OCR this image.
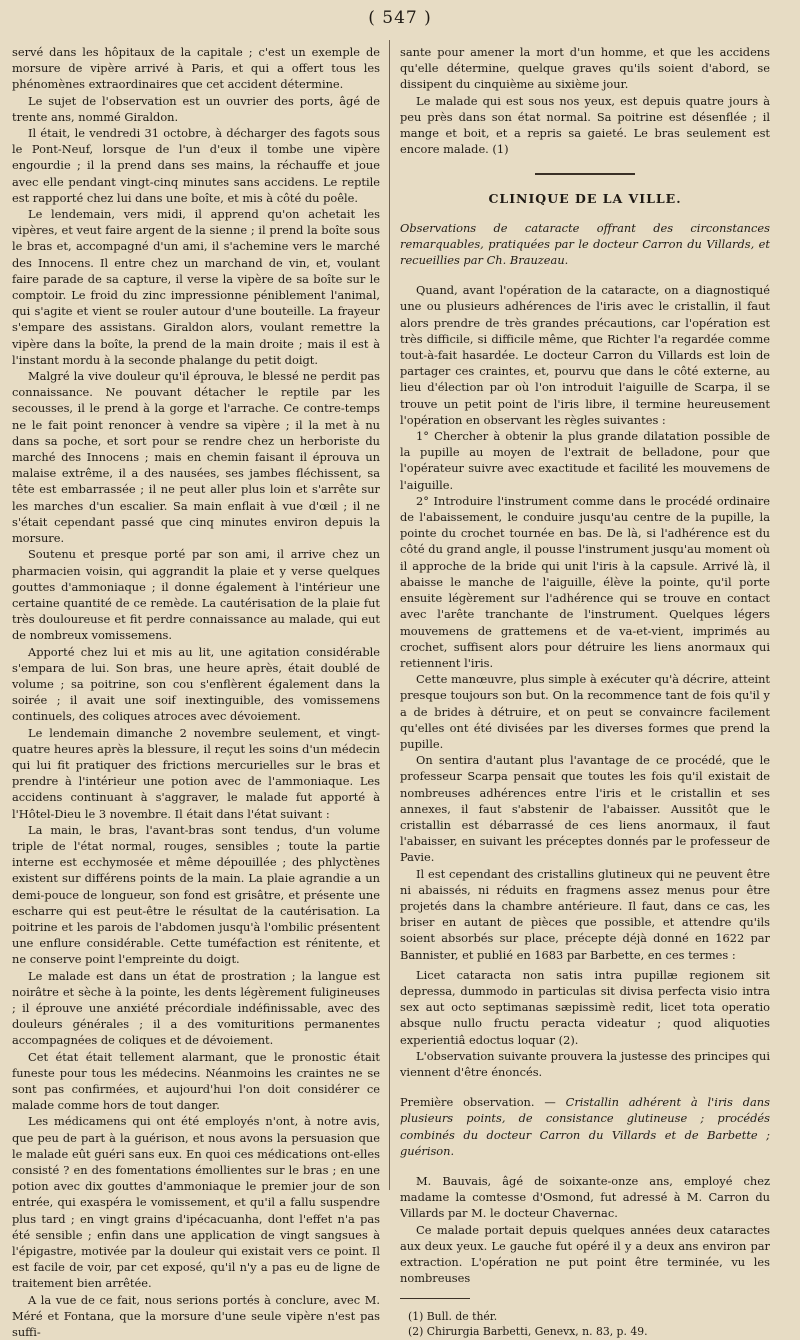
( 547 )

servé dans les hôpitaux de la capitale ; c'est un exemple de morsure de vipère arrivé à Paris, et qui a offert tous les phénomènes extraordinaires que cet accident détermine.

Le sujet de l'observation est un ouvrier des ports, âgé de trente ans, nommé Giraldon.

Il était, le vendredi 31 octobre, à décharger des fagots sous le Pont-Neuf, lorsque de l'un d'eux il tombe une vipère engourdie ; il la prend dans ses mains, la réchauffe et joue avec elle pendant vingt-cinq minutes sans accidens. Le reptile est rapporté chez lui dans une boîte, et mis à côté du poêle.

Le lendemain, vers midi, il apprend qu'on achetait les vipères, et veut faire argent de la sienne ; il prend la boîte sous le bras et, accompagné d'un ami, il s'achemine vers le marché des Innocens. Il entre chez un marchand de vin, et, voulant faire parade de sa capture, il verse la vipère de sa boîte sur le comptoir. Le froid du zinc impressionne péniblement l'animal, qui s'agite et vient se rouler autour d'une bouteille. La frayeur s'empare des assistans. Giraldon alors, voulant remettre la vipère dans la boîte, la prend de la main droite ; mais il est à l'instant mordu à la seconde phalange du petit doigt.

Malgré la vive douleur qu'il éprouva, le blessé ne perdit pas connaissance. Ne pouvant détacher le reptile par les secousses, il le prend à la gorge et l'arrache. Ce contre-temps ne le fait point renoncer à vendre sa vipère ; il la met à nu dans sa poche, et sort pour se rendre chez un herboriste du marché des Innocens ; mais en chemin faisant il éprouva un malaise extrême, il a des nausées, ses jambes fléchissent, sa tête est embarrassée ; il ne peut aller plus loin et s'arrête sur les marches d'un escalier. Sa main enflait à vue d'œil ; il ne s'était cependant passé que cinq minutes environ depuis la morsure.

Soutenu et presque porté par son ami, il arrive chez un pharmacien voisin, qui aggrandit la plaie et y verse quelques gouttes d'ammoniaque ; il donne également à l'intérieur une certaine quantité de ce remède. La cautérisation de la plaie fut très douloureuse et fit perdre connaissance au malade, qui eut de nombreux vomissemens.

Apporté chez lui et mis au lit, une agitation considérable s'empara de lui. Son bras, une heure après, était doublé de volume ; sa poitrine, son cou s'enflèrent également dans la soirée ; il avait une soif inextinguible, des vomissemens continuels, des coliques atroces avec dévoiement.

Le lendemain dimanche 2 novembre seulement, et vingt-quatre heures après la blessure, il reçut les soins d'un médecin qui lui fit pratiquer des frictions mercurielles sur le bras et prendre à l'intérieur une potion avec de l'ammoniaque. Les accidens continuant à s'aggraver, le malade fut apporté à l'Hôtel-Dieu le 3 novembre. Il était dans l'état suivant :

La main, le bras, l'avant-bras sont tendus, d'un volume triple de l'état normal, rouges, sensibles ; toute la partie interne est ecchymosée et même dépouillée ; des phlyctènes existent sur différens points de la main. La plaie agrandie a un demi-pouce de longueur, son fond est grisâtre, et présente une escharre qui est peut-être le résultat de la cautérisation. La poitrine et les parois de l'abdomen jusqu'à l'ombilic présentent une enflure considérable. Cette tuméfaction est rénitente, et ne conserve point l'empreinte du doigt.

Le malade est dans un état de prostration ; la langue est noirâtre et sèche à la pointe, les dents légèrement fuligineuses ; il éprouve une anxiété précordiale indéfinissable, avec des douleurs générales ; il a des vomituritions permanentes accompagnées de coliques et de dévoiement.

Cet état était tellement alarmant, que le pronostic était funeste pour tous les médecins. Néanmoins les craintes ne se sont pas confirmées, et aujourd'hui l'on doit considérer ce malade comme hors de tout danger.

Les médicamens qui ont été employés n'ont, à notre avis, que peu de part à la guérison, et nous avons la persuasion que le malade eût guéri sans eux. En quoi ces médications ont-elles consisté ? en des fomentations émollientes sur le bras ; en une potion avec dix gouttes d'ammoniaque le premier jour de son entrée, qui exaspéra le vomissement, et qu'il a fallu suspendre plus tard ; en vingt grains d'ipécacuanha, dont l'effet n'a pas été sensible ; enfin dans une application de vingt sangsues à l'épigastre, motivée par la douleur qui existait vers ce point. Il est facile de voir, par cet exposé, qu'il n'y a pas eu de ligne de traitement bien arrêtée.

A la vue de ce fait, nous serions portés à conclure, avec M. Méré et Fontana, que la morsure d'une seule vipère n'est pas suffi-

sante pour amener la mort d'un homme, et que les accidens qu'elle détermine, quelque graves qu'ils soient d'abord, se dissipent du cinquième au sixième jour.

Le malade qui est sous nos yeux, est depuis quatre jours à peu près dans son état normal. Sa poitrine est désenflée ; il mange et boit, et a repris sa gaieté. Le bras seulement est encore malade. (1)

CLINIQUE DE LA VILLE.

Observations de cataracte offrant des circonstances remarquables, pratiquées par le docteur Carron du Villards, et recueillies par Ch. Brauzeau.

Quand, avant l'opération de la cataracte, on a diagnostiqué une ou plusieurs adhérences de l'iris avec le cristallin, il faut alors prendre de très grandes précautions, car l'opération est très difficile, si difficile même, que Richter l'a regardée comme tout-à-fait hasardée. Le docteur Carron du Villards est loin de partager ces craintes, et, pourvu que dans le côté externe, au lieu d'élection par où l'on introduit l'aiguille de Scarpa, il se trouve un petit point de l'iris libre, il termine heureusement l'opération en observant les règles suivantes :

1° Chercher à obtenir la plus grande dilatation possible de la pupille au moyen de l'extrait de belladone, pour que l'opérateur suivre avec exactitude et facilité les mouvemens de l'aiguille.

2° Introduire l'instrument comme dans le procédé ordinaire de l'abaissement, le conduire jusqu'au centre de la pupille, la pointe du crochet tournée en bas. De là, si l'adhérence est du côté du grand angle, il pousse l'instrument jusqu'au moment où il approche de la bride qui unit l'iris à la capsule. Arrivé là, il abaisse le manche de l'aiguille, élève la pointe, qu'il porte ensuite légèrement sur l'adhérence qui se trouve en contact avec l'arête tranchante de l'instrument. Quelques légers mouvemens de grattemens et de va-et-vient, imprimés au crochet, suffisent alors pour détruire les liens anormaux qui retiennent l'iris.

Cette manœuvre, plus simple à exécuter qu'à décrire, atteint presque toujours son but. On la recommence tant de fois qu'il y a de brides à détruire, et on peut se convaincre facilement qu'elles ont été divisées par les diverses formes que prend la pupille.

On sentira d'autant plus l'avantage de ce procédé, que le professeur Scarpa pensait que toutes les fois qu'il existait de nombreuses adhérences entre l'iris et le cristallin et ses annexes, il faut s'abstenir de l'abaisser. Aussitôt que le cristallin est débarrassé de ces liens anormaux, il faut l'abaisser, en suivant les préceptes donnés par le professeur de Pavie.

Il est cependant des cristallins glutineux qui ne peuvent être ni abaissés, ni réduits en fragmens assez menus pour être projetés dans la chambre antérieure. Il faut, dans ce cas, les briser en autant de pièces que possible, et attendre qu'ils soient absorbés sur place, précepte déjà donné en 1622 par Bannister, et publié en 1683 par Barbette, en ces termes :

Licet cataracta non satis intra pupillæ regionem sit depressa, dummodo in particulas sit divisa perfecta visio intra sex aut octo septimanas sæpissimè redit, licet tota operatio absque nullo fructu peracta videatur ; quod aliquoties experientiâ edoctus loquar (2).

L'observation suivante prouvera la justesse des principes qui viennent d'être énoncés.

Première observation. — Cristallin adhérent à l'iris dans plusieurs points, de consistance glutineuse ; procédés combinés du docteur Carron du Villards et de Barbette ; guérison.

M. Bauvais, âgé de soixante-onze ans, employé chez madame la comtesse d'Osmond, fut adressé à M. Carron du Villards par M. le docteur Chavernac.

Ce malade portait depuis quelques années deux cataractes aux deux yeux. Le gauche fut opéré il y a deux ans environ par extraction. L'opération ne put point être terminée, vu les nombreuses

(1) Bull. de thér.

(2) Chirurgia Barbetti, Genevx, n. 83, p. 49.
